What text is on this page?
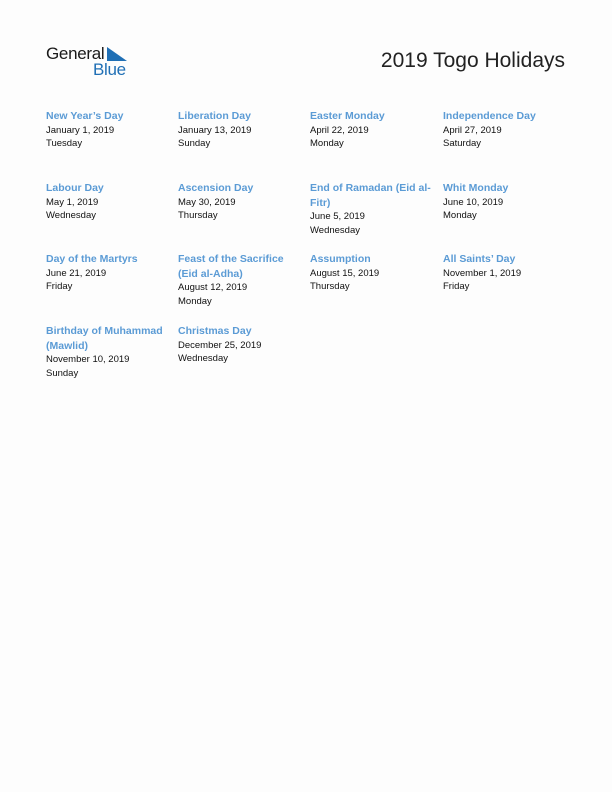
General
Blue	2019 Togo Holidays
New Year’s Day
January 1, 2019
Tuesday
Liberation Day
January 13, 2019
Sunday
Easter Monday
April 22, 2019
Monday
Independence Day
April 27, 2019
Saturday
Labour Day
May 1, 2019
Wednesday
Ascension Day
May 30, 2019
Thursday
End of Ramadan (Eid al-Fitr)
June 5, 2019
Wednesday
Whit Monday
June 10, 2019
Monday
Day of the Martyrs
June 21, 2019
Friday
Feast of the Sacrifice (Eid al-Adha)
August 12, 2019
Monday
Assumption
August 15, 2019
Thursday
All Saints’ Day
November 1, 2019
Friday
Birthday of Muhammad (Mawlid)
November 10, 2019
Sunday
Christmas Day
December 25, 2019
Wednesday
